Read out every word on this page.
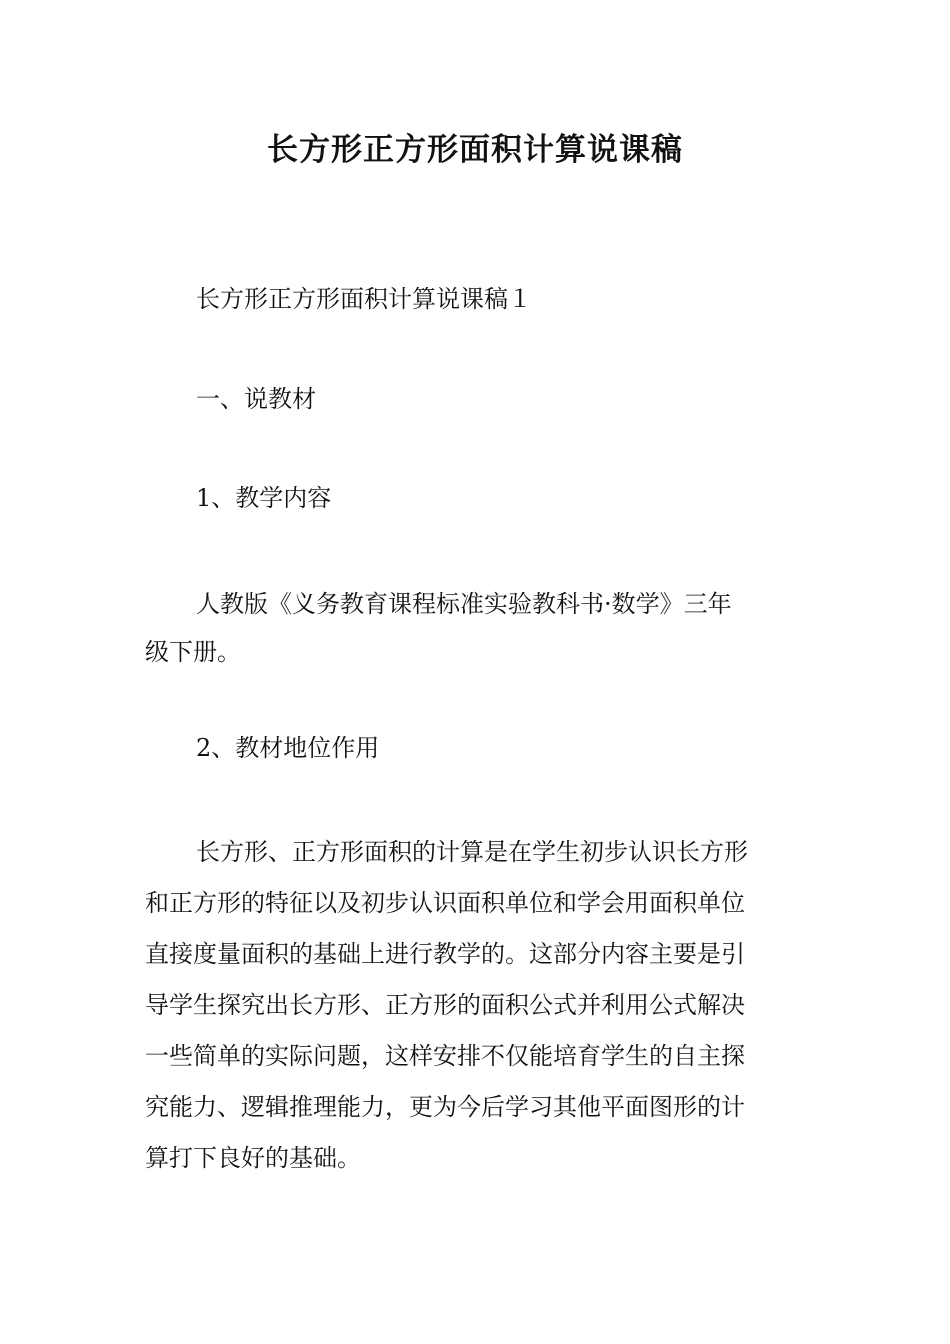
长方形正方形面积计算说课稿

长方形正方形面积计算说课稿１

一、说教材

1、教学内容

人教版《义务教育课程标准实验教科书·数学》三年
级下册。

2、教材地位作用

长方形、正方形面积的计算是在学生初步认识长方形
和正方形的特征以及初步认识面积单位和学会用面积单位
直接度量面积的基础上进行教学的。这部分内容主要是引
导学生探究出长方形、正方形的面积公式并利用公式解决
一些简单的实际问题，这样安排不仅能培育学生的自主探
究能力、逻辑推理能力，更为今后学习其他平面图形的计
算打下良好的基础。
